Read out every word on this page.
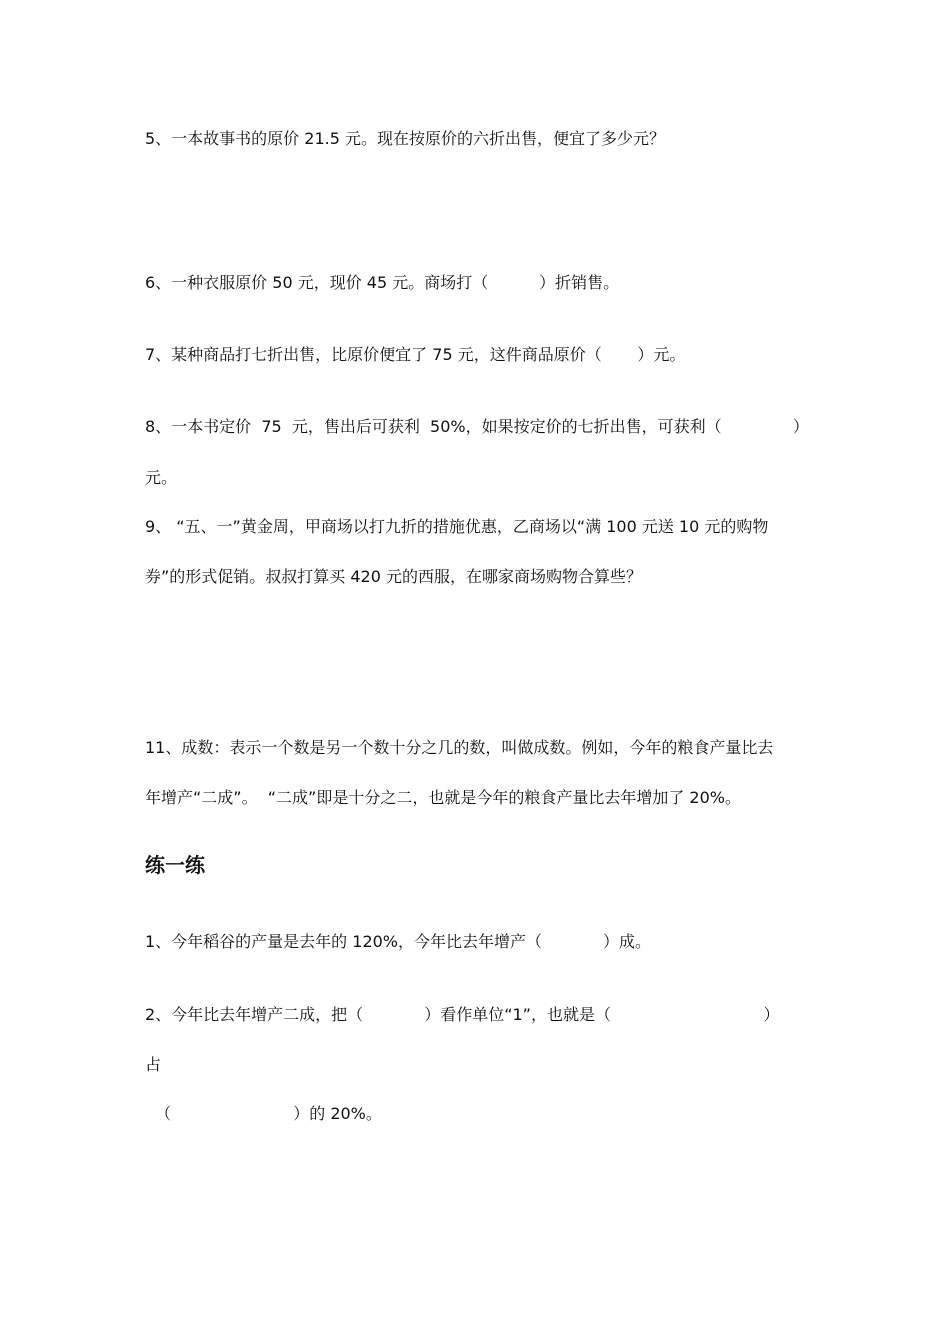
5、一本故事书的原价 21.5 元。现在按原价的六折出售，便宜了多少元？
6、一种衣服原价 50 元，现价 45 元。商场打（          ）折销售。
7、某种商品打七折出售，比原价便宜了 75 元，这件商品原价（       ）元。
8、一本书定价  75  元，售出后可获利  50%，如果按定价的七折出售，可获利（              ）
元。
9、 “五、一”黄金周，甲商场以打九折的措施优惠，乙商场以“满 100 元送 10 元的购物
券”的形式促销。叔叔打算买 420 元的西服，在哪家商场购物合算些？
11、成数：表示一个数是另一个数十分之几的数，叫做成数。例如，今年的粮食产量比去
年增产“二成”。  “二成”即是十分之二，也就是今年的粮食产量比去年增加了 20%。
练一练
1、今年稻谷的产量是去年的 120%，今年比去年增产（            ）成。
2、今年比去年增产二成，把（            ）看作单位“1”，也就是（                              ）
占
（                        ）的 20%。
